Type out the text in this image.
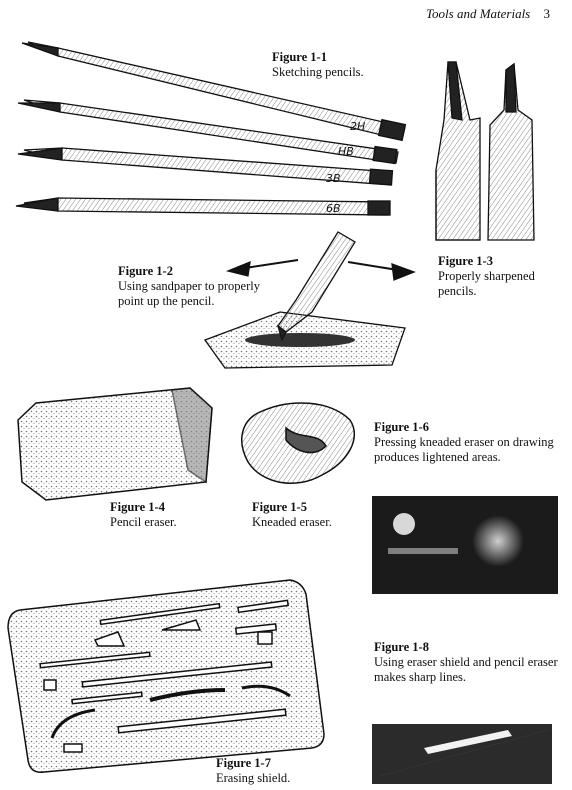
Tools and Materials 3
2H
HB
3B
6B
Figure 1-1
Sketching pencils.
Figure 1-2
Using sandpaper to properly point up the pencil.
Figure 1-3
Properly sharpened pencils.
Figure 1-4
Pencil eraser.
Figure 1-5
Kneaded eraser.
Figure 1-6
Pressing kneaded eraser on drawing produces lightened areas.
Figure 1-7
Erasing shield.
Figure 1-8
Using eraser shield and pencil eraser makes sharp lines.
